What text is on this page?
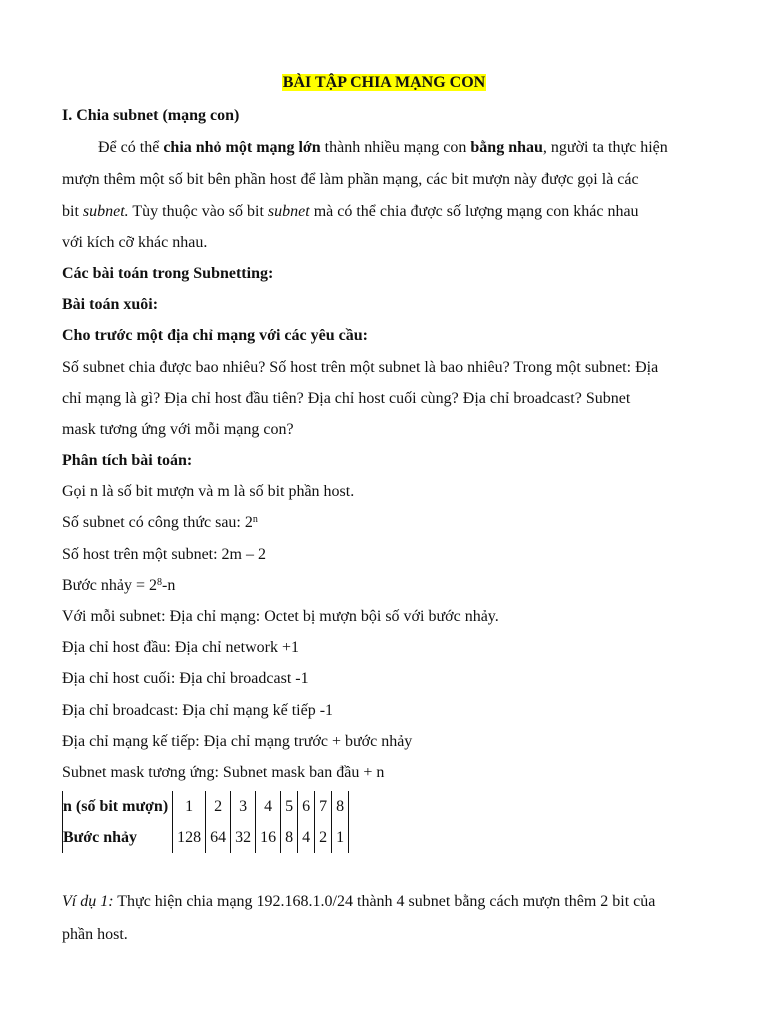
BÀI TẬP CHIA MẠNG CON
I. Chia subnet (mạng con)
Để có thể chia nhỏ một mạng lớn thành nhiều mạng con bằng nhau, người ta thực hiện
mượn thêm một số bit bên phần host để làm phần mạng, các bit mượn này được gọi là các
bit subnet. Tùy thuộc vào số bit subnet mà có thể chia được số lượng mạng con khác nhau
với kích cỡ khác nhau.
Các bài toán trong Subnetting:
Bài toán xuôi:
Cho trước một địa chỉ mạng với các yêu cầu:
Số subnet chia được bao nhiêu? Số host trên một subnet là bao nhiêu? Trong một subnet: Địa
chỉ mạng là gì? Địa chỉ host đầu tiên? Địa chỉ host cuối cùng? Địa chỉ broadcast? Subnet
mask tương ứng với mỗi mạng con?
Phân tích bài toán:
Gọi n là số bit mượn và m là số bit phần host.
Số subnet có công thức sau: 2$^n$
Số host trên một subnet: 2m – 2
Bước nhảy = $2^8-n$
Với mỗi subnet: Địa chỉ mạng: Octet bị mượn bội số với bước nhảy.
Địa chỉ host đầu: Địa chỉ network +1
Địa chỉ host cuối: Địa chỉ broadcast -1
Địa chỉ broadcast: Địa chỉ mạng kế tiếp -1
Địa chỉ mạng kế tiếp: Địa chỉ mạng trước + bước nhảy
Subnet mask tương ứng: Subnet mask ban đầu + n
n (số bit mượn)	1	2	3	4	5	6	7	8
Bước nhảy	128	64	32	16	8	4	2	1
Ví dụ 1: Thực hiện chia mạng 192.168.1.0/24 thành 4 subnet bằng cách mượn thêm 2 bit của
phần host.
